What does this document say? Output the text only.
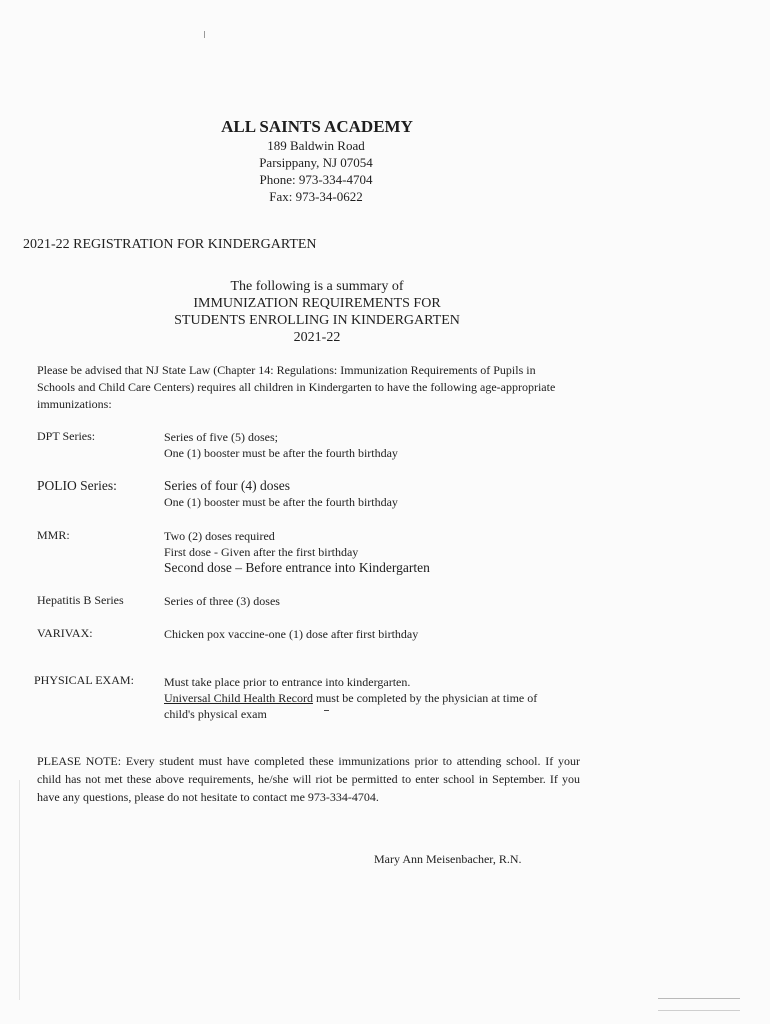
ALL SAINTS ACADEMY
189 Baldwin Road
Parsippany, NJ 07054
Phone: 973-334-4704
Fax: 973-34-0622
2021-22 REGISTRATION FOR KINDERGARTEN
The following is a summary of
IMMUNIZATION REQUIREMENTS FOR
STUDENTS ENROLLING IN KINDERGARTEN
2021-22
Please be advised that NJ State Law (Chapter 14: Regulations: Immunization Requirements of Pupils in Schools and Child Care Centers) requires all children in Kindergarten to have the following age-appropriate immunizations:
DPT Series:	Series of five (5) doses;
One (1) booster must be after the fourth birthday
POLIO Series:	Series of four (4) doses
One (1) booster must be after the fourth birthday
MMR:	Two (2) doses required
First dose - Given after the first birthday
Second dose – Before entrance into Kindergarten
Hepatitis B Series	Series of three (3) doses
VARIVAX:	Chicken pox vaccine-one (1) dose after first birthday
PHYSICAL EXAM:	Must take place prior to entrance into kindergarten.
Universal Child Health Record must be completed by the physician at time of
child's physical exam
PLEASE NOTE: Every student must have completed these immunizations prior to attending school. If your child has not met these above requirements, he/she will riot be permitted to enter school in September. If you have any questions, please do not hesitate to contact me 973-334-4704.
Mary Ann Meisenbacher, R.N.
